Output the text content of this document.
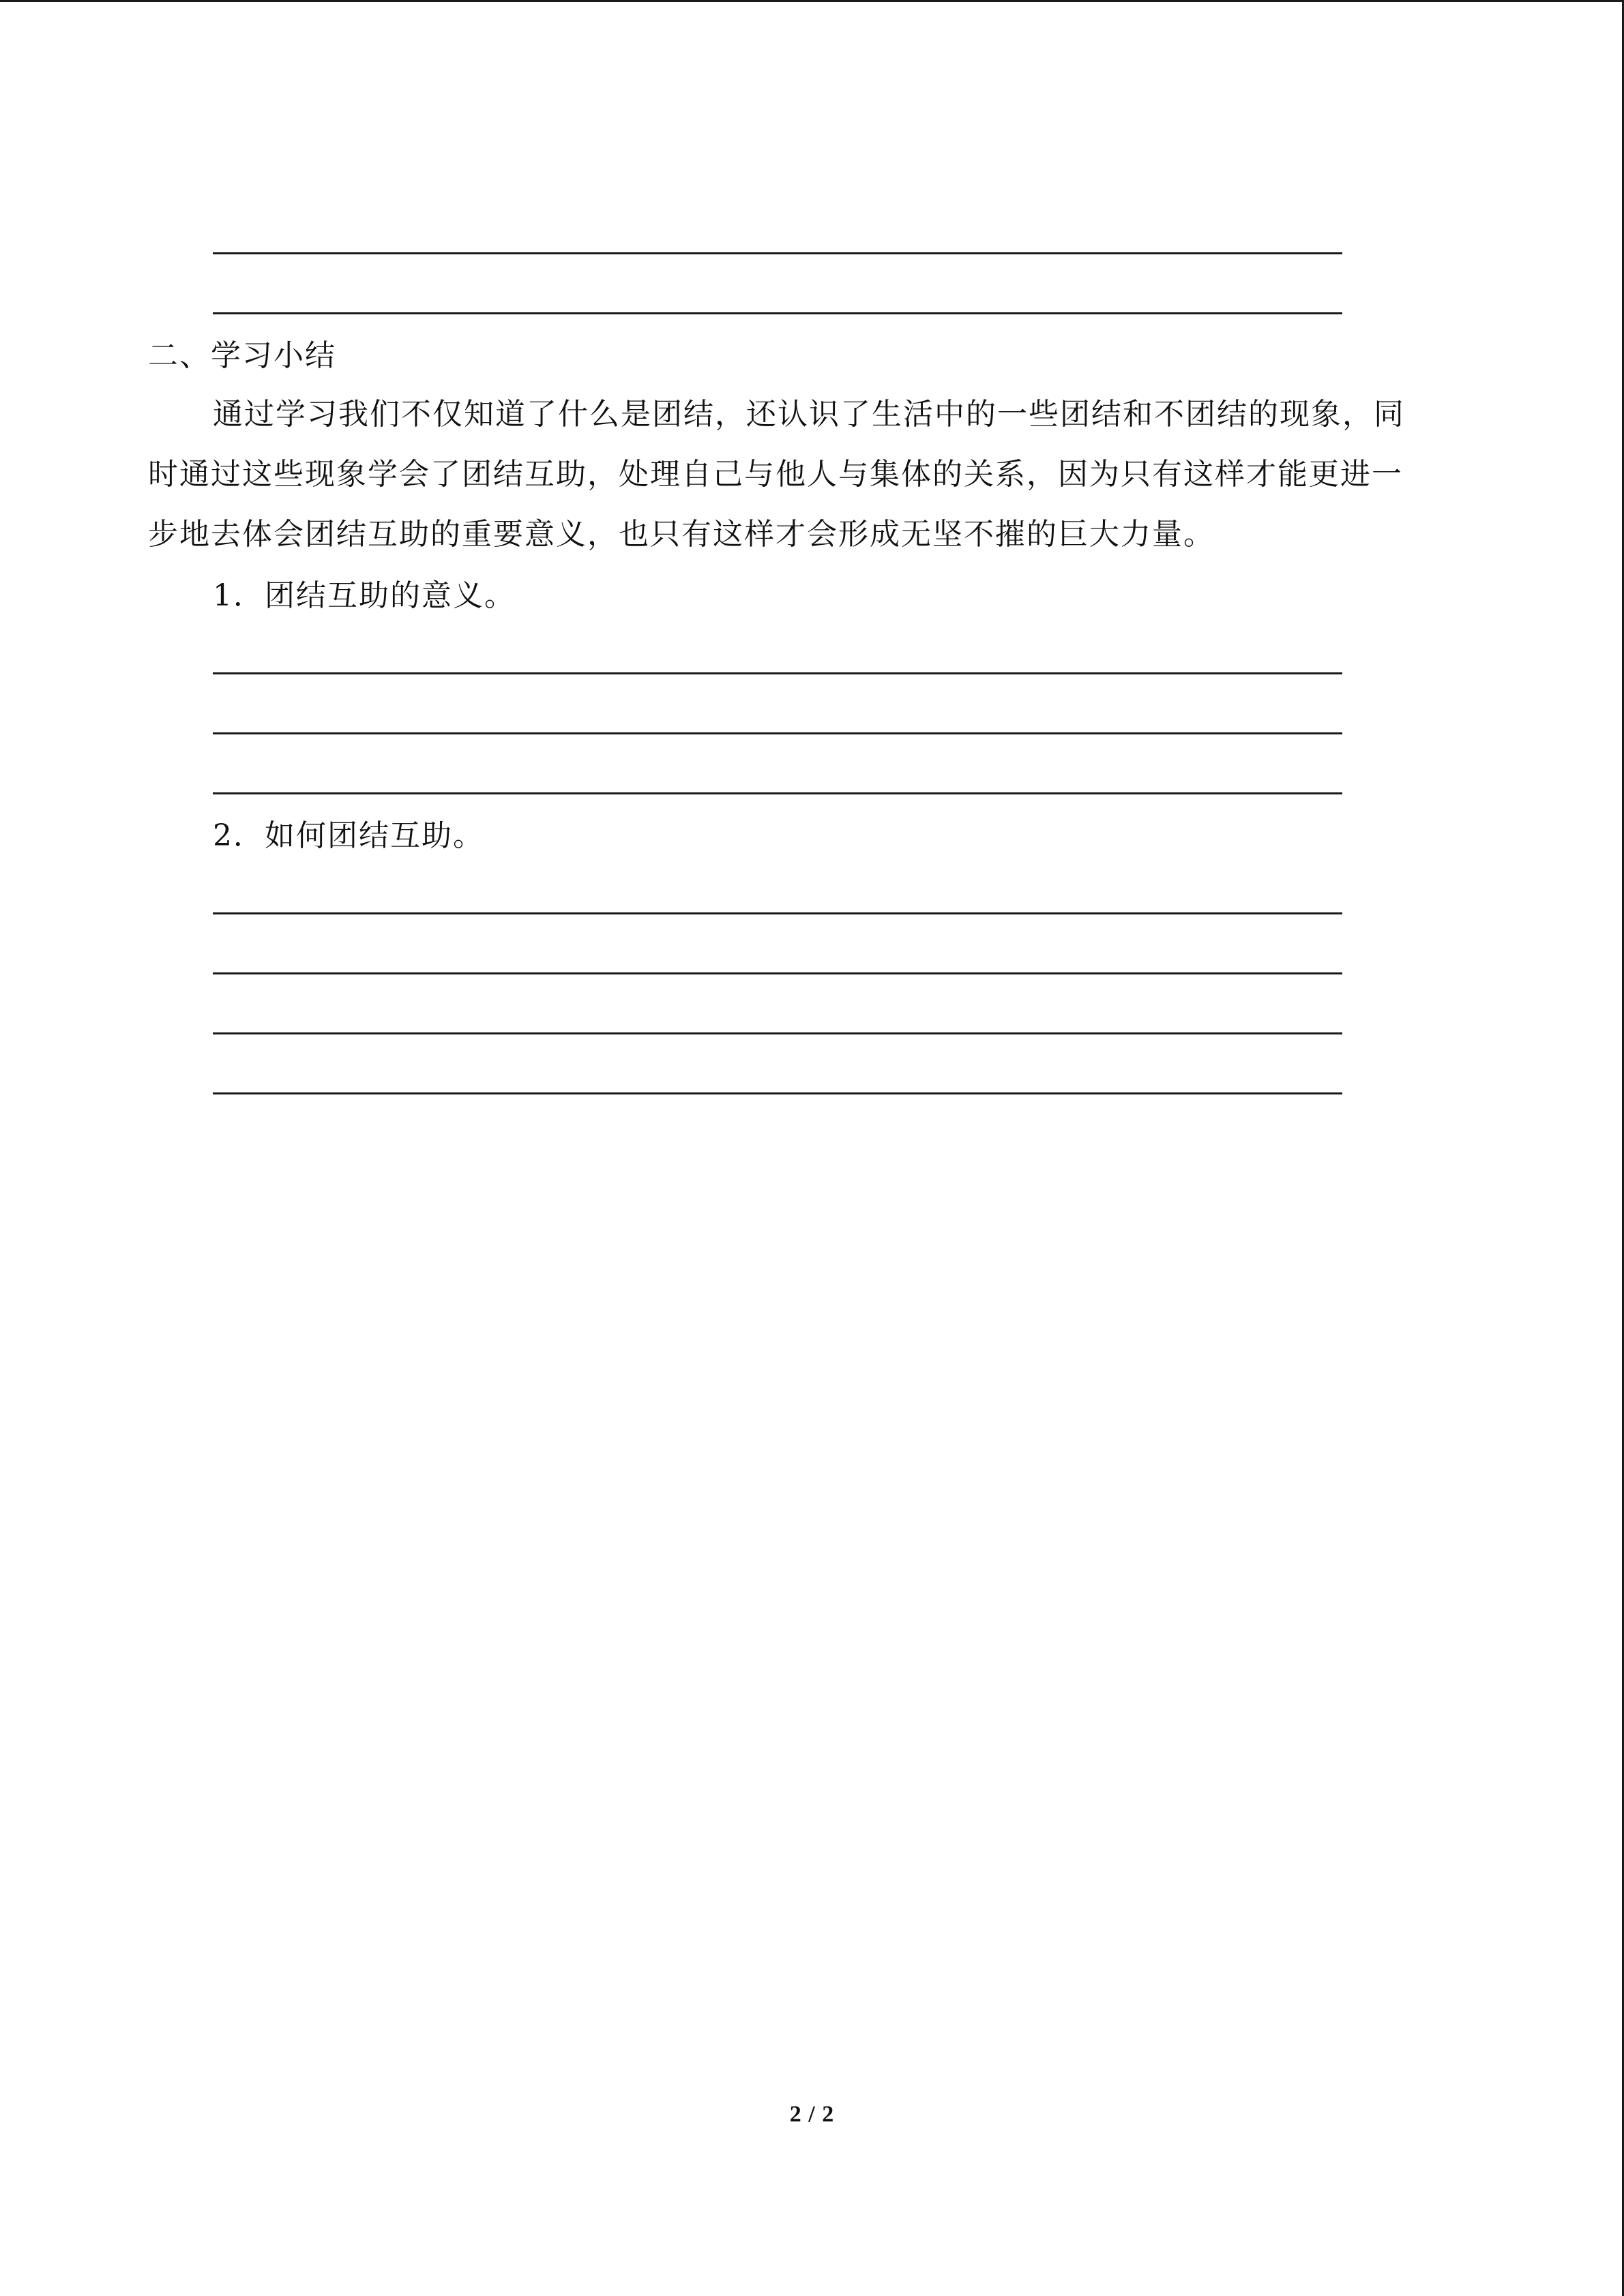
二、学习小结
通过学习我们不仅知道了什么是团结，还认识了生活中的一些团结和不团结的现象，同
时通过这些现象学会了团结互助，处理自己与他人与集体的关系，因为只有这样才能更进一
步地去体会团结互助的重要意义，也只有这样才会形成无坚不摧的巨大力量。
1．团结互助的意义。
2．如何团结互助。
2 / 2
